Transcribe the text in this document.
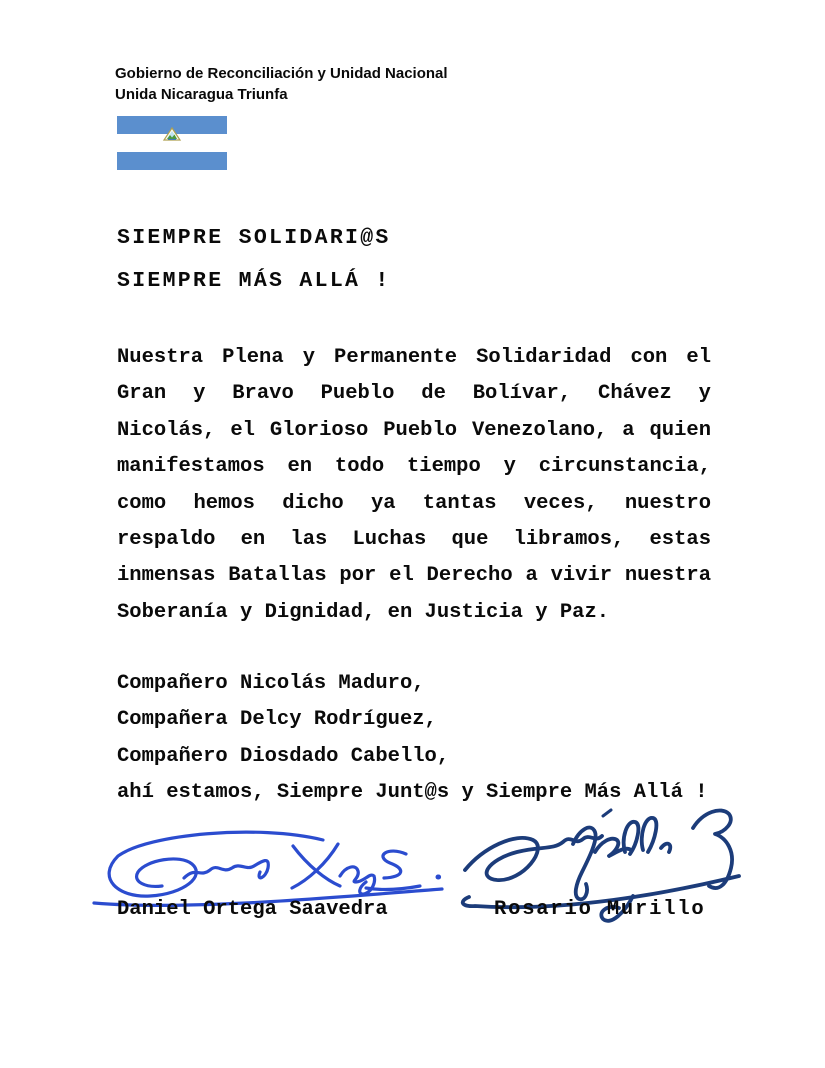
Gobierno de Reconciliación y Unidad Nacional
Unida Nicaragua Triunfa
SIEMPRE SOLIDARI@S
SIEMPRE MÁS ALLÁ !
Nuestra Plena y Permanente Solidaridad con el
Gran y Bravo Pueblo de Bolívar, Chávez y
Nicolás, el Glorioso Pueblo Venezolano, a quien
manifestamos en todo tiempo y circunstancia,
como hemos dicho ya tantas veces, nuestro
respaldo en las Luchas que libramos, estas
inmensas Batallas por el Derecho a vivir nuestra
Soberanía y Dignidad, en Justicia y Paz.
Compañero Nicolás Maduro,
Compañera Delcy Rodríguez,
Compañero Diosdado Cabello,
ahí estamos, Siempre Junt@s y Siempre Más Allá !
Daniel Ortega Saavedra	Rosario Murillo
